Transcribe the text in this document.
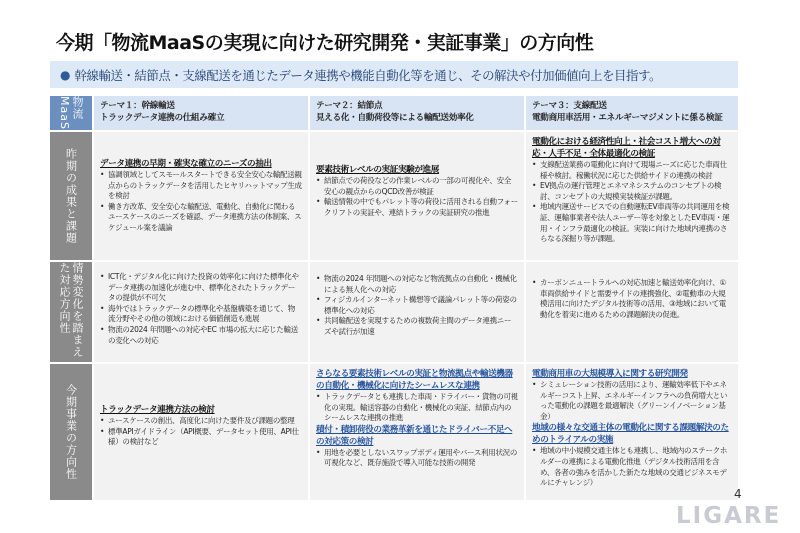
今期「物流MaaSの実現に向けた研究開発・実証事業」の方向性
● 幹線輸送・結節点・支線配送を通じたデータ連携や機能自動化等を通じ、その解決や付加価値向上を目指す。
物流MaaS	テーマ１：幹線輸送
トラックデータ連携の仕組み確立
テーマ２：結節点
見える化・自動荷役等による輸配送効率化
テーマ３：支線配送
電動商用車活用・エネルギーマジメントに係る検証
昨期の成果と課題
情勢変化を踏まえた対応方向性
今期事業の方向性
データ連携の早期・確実な確立のニーズの抽出
• 協調領域としてスモールスタートできる安全安心な輸配送観点からのトラックデータを活用したヒヤリハットマップ生成を検討
• 働き方改革、安全安心な輸配送、電動化、自動化に関わるユースケースのニーズを確認、データ連携方法の体制案、スケジュール案を議論
要素技術レベルの実証実験が進展
• 結節点での荷役などの作業レベルの一部の可視化や、安全安心の観点からのQCD改善が検証
• 輸送情報の中でもパレット等の荷役に活用される自動フォークリフトの実証や、連結トラックの実証研究の推進
電動化における経済性向上・社会コスト増大への対応・人手不足・全体最適化の検証
• 支線配送業務の電動化に向けて現場ニーズに応じた車両仕様や検討。稼働状況に応じた供給サイドの連携の検討
• EV拠点の運行管理とエネマネシステムのコンセプトの検討、コンセプトの大規模実装検証が課題。
• 地域内運送サービスでの自動運転EV車両等の共同運用を検証、運輸事業者や法人ユーザー等を対象としたEV車両・運用・インフラ最適化の検証。実装に向けた地域内連携のさらなる深掘り等が課題。
• ICT化・デジタル化に向けた投資の効率化に向けた標準化やデータ連携の加速化が進む中、標準化されたトラックデータの提供が不可欠
• 海外ではトラックデータの標準化や基盤構築を通じて、物流分野やその他の領域における価値創造も進展
• 物流の2024 年問題への対応やEC 市場の拡大に応じた輸送の変化への対応
• 物流の2024 年問題への対応など物流拠点の自動化・機械化による無人化への対応
• フィジカルインターネット構想等で議論パレット等の荷姿の標準化への対応
• 共同輸配送を実現するための複数荷主間のデータ連携ニーズや試行が加速
• カーボンニュートラルへの対応加速と輸送効率化向け、①車両供給サイドと需要サイドの連携強化、②電動車の大規模活用に向けたデジタル技術等の活用、③地域において電動化を着実に進めるための課題解決の促進。
トラックデータ連携方法の検討
• ユースケースの創出、高度化に向けた要件及び課題の整理
• 標準APIガイドライン（API概要、データセット使用、API仕様）の検討など
さらなる要素技術レベルの実証と物流拠点や輸送機器の自動化・機械化に向けたシームレスな連携
• トラックデータとも連携した車両・ドライバー・貨物の可視化の実現。輸送容器の自動化・機械化の実証、結節点内のシームレスな連携の推進
積付・積卸荷役の業務革新を通じたドライバー不足への対応策の検討
• 用地を必要としないスワップボディ運用やバース利用状況の可視化など、既存施設で導入可能な技術の開発
電動商用車の大規模導入に関する研究開発
• シミュレーション技術の活用により、運輸効率低下やエネルギーコスト上昇、エネルギーインフラへの負荷増大といった電動化の課題を最適解決（グリーンイノベーション基金）
地域の様々な交通主体の電動化に関する課題解決のためのトライアルの実施
• 地域の中小規模交通主体とも連携し、地域内のステークホルダーの連携による電動化推進（デジタル技術活用を含め、各者の強みを活かした新たな地域の交通ビジネスモデルにチャレンジ）
4
LIGARE
